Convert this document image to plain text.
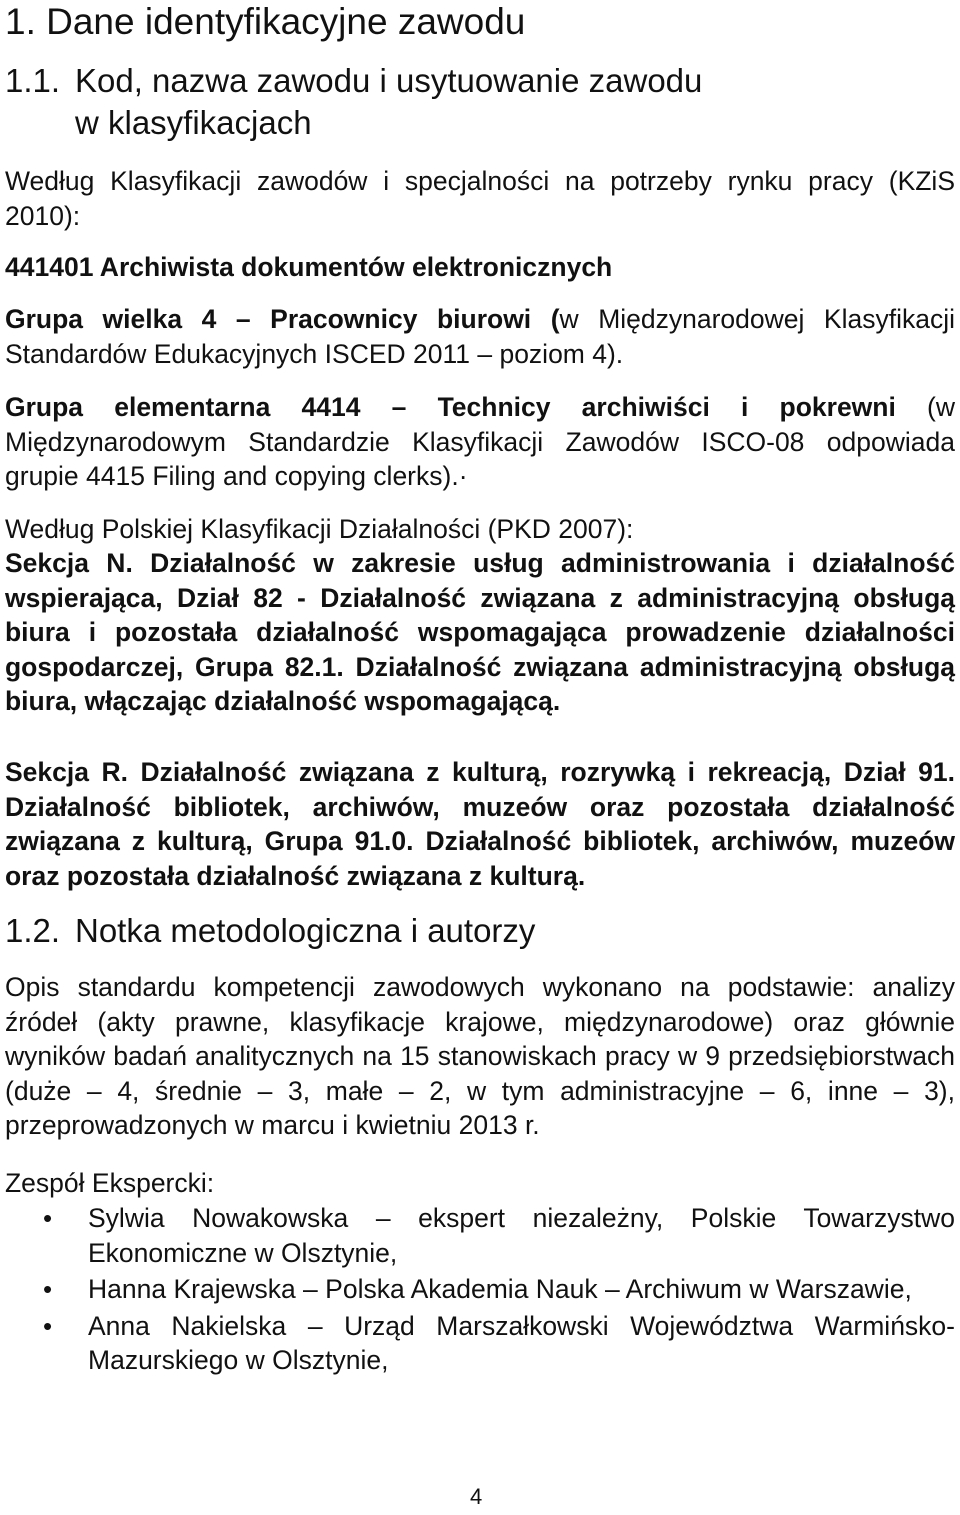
1. Dane identyfikacyjne zawodu
1.1. Kod, nazwa zawodu i usytuowanie zawodu
w klasyfikacjach
Według Klasyfikacji zawodów i specjalności na potrzeby rynku pracy (KZiS 2010):
441401 Archiwista dokumentów elektronicznych
Grupa wielka 4 – Pracownicy biurowi (w Międzynarodowej Klasyfikacji Standardów Edukacyjnych ISCED 2011 – poziom 4).
Grupa elementarna 4414 – Technicy archiwiści i pokrewni (w Międzynarodowym Standardzie Klasyfikacji Zawodów ISCO-08 odpowiada grupie 4415 Filing and copying clerks).·
Według Polskiej Klasyfikacji Działalności (PKD 2007):
Sekcja N. Działalność w zakresie usług administrowania i działalność wspierająca, Dział 82 - Działalność związana z administracyjną obsługą biura i pozostała działalność wspomagająca prowadzenie działalności gospodarczej, Grupa 82.1. Działalność związana administracyjną obsługą biura, włączając działalność wspomagającą.
Sekcja R. Działalność związana z kulturą, rozrywką i rekreacją, Dział 91. Działalność bibliotek, archiwów, muzeów oraz pozostała działalność związana z kulturą, Grupa 91.0. Działalność bibliotek, archiwów, muzeów oraz pozostała działalność związana z kulturą.
1.2. Notka metodologiczna i autorzy
Opis standardu kompetencji zawodowych wykonano na podstawie: analizy źródeł (akty prawne, klasyfikacje krajowe, międzynarodowe) oraz głównie wyników badań analitycznych na 15 stanowiskach pracy w 9 przedsiębiorstwach (duże – 4, średnie – 3, małe – 2, w tym administracyjne – 6, inne – 3), przeprowadzonych w marcu i kwietniu 2013 r.
Zespół Ekspercki:
• Sylwia Nowakowska – ekspert niezależny, Polskie Towarzystwo Ekonomiczne w Olsztynie,
• Hanna Krajewska – Polska Akademia Nauk – Archiwum w Warszawie,
• Anna Nakielska – Urząd Marszałkowski Województwa Warmińsko-Mazurskiego w Olsztynie,
4
